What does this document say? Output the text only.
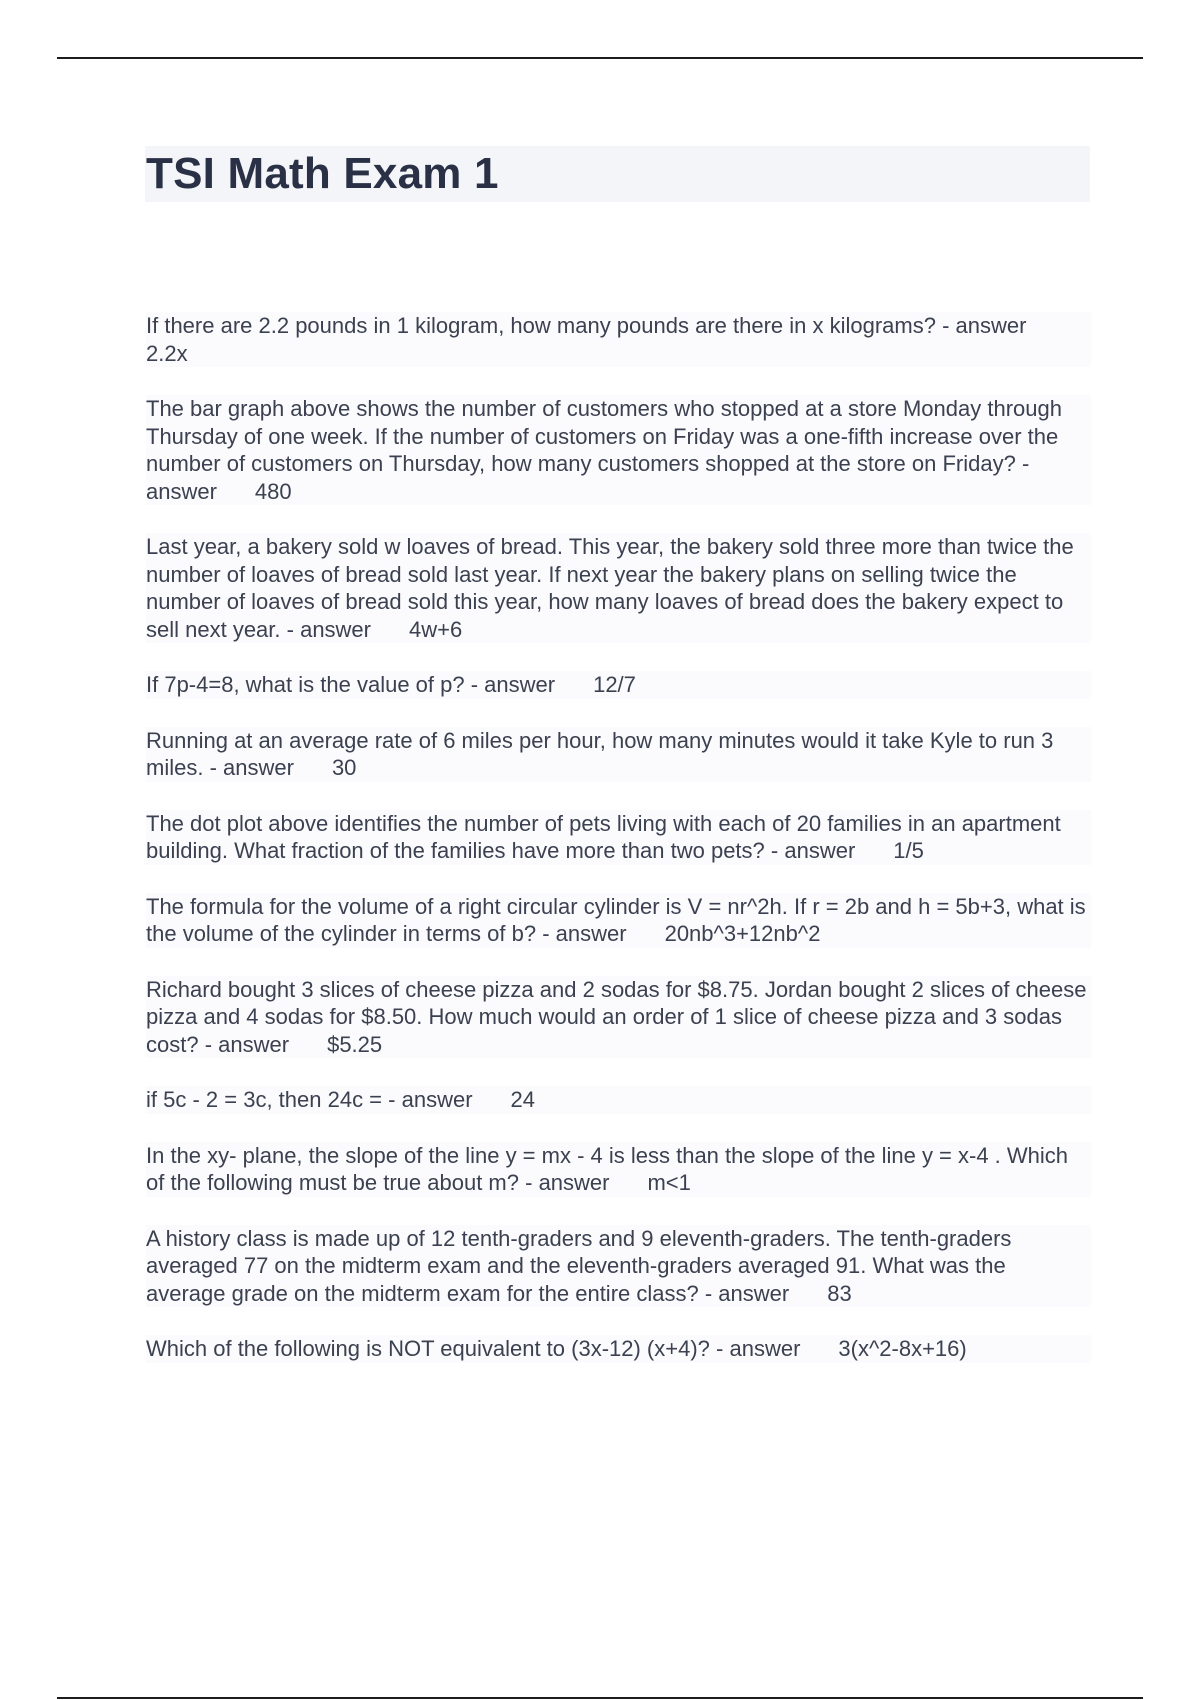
TSI Math Exam 1
If there are 2.2 pounds in 1 kilogram, how many pounds are there in x kilograms? - answer2.2x
The bar graph above shows the number of customers who stopped at a store Monday through Thursday of one week. If the number of customers on Friday was a one-fifth increase over the number of customers on Thursday, how many customers shopped at the store on Friday? - answer 480
Last year, a bakery sold w loaves of bread. This year, the bakery sold three more than twice the number of loaves of bread sold last year. If next year the bakery plans on selling twice the number of loaves of bread sold this year, how many loaves of bread does the bakery expect to sell next year. - answer 4w+6
If 7p-4=8, what is the value of p? - answer 12/7
Running at an average rate of 6 miles per hour, how many minutes would it take Kyle to run 3 miles. - answer 30
The dot plot above identifies the number of pets living with each of 20 families in an apartment building. What fraction of the families have more than two pets? - answer 1/5
The formula for the volume of a right circular cylinder is V = nr^2h. If r = 2b and h = 5b+3, what is the volume of the cylinder in terms of b? - answer 20nb^3+12nb^2
Richard bought 3 slices of cheese pizza and 2 sodas for $8.75. Jordan bought 2 slices of cheese pizza and 4 sodas for $8.50. How much would an order of 1 slice of cheese pizza and 3 sodas cost? - answer $5.25
if 5c - 2 = 3c, then 24c = - answer 24
In the xy- plane, the slope of the line y = mx - 4 is less than the slope of the line y = x-4 . Which of the following must be true about m? - answer m<1
A history class is made up of 12 tenth-graders and 9 eleventh-graders. The tenth-graders averaged 77 on the midterm exam and the eleventh-graders averaged 91. What was the average grade on the midterm exam for the entire class? - answer 83
Which of the following is NOT equivalent to (3x-12) (x+4)? - answer 3(x^2-8x+16)
